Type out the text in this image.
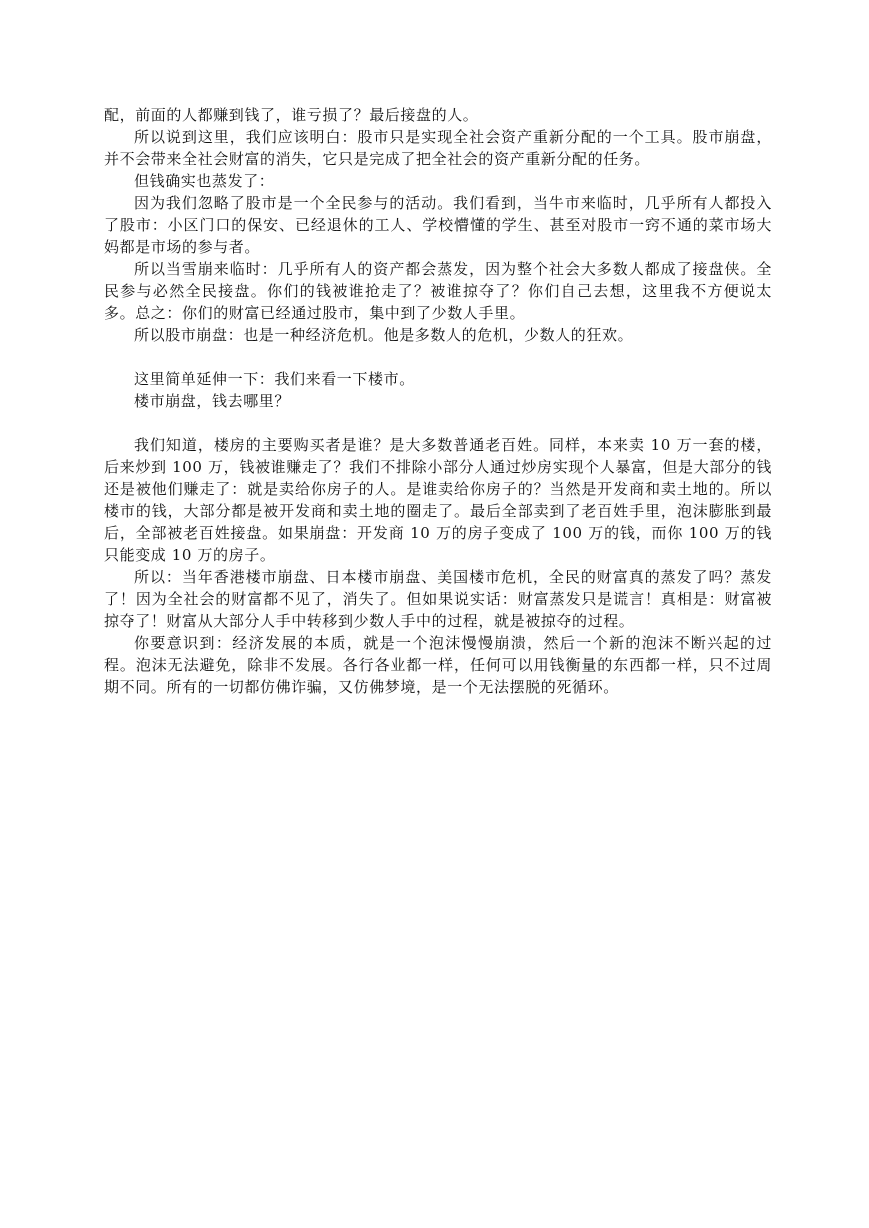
配，前面的人都赚到钱了，谁亏损了？最后接盘的人。

所以说到这里，我们应该明白：股市只是实现全社会资产重新分配的一个工具。股市崩盘，并不会带来全社会财富的消失，它只是完成了把全社会的资产重新分配的任务。

但钱确实也蒸发了：

因为我们忽略了股市是一个全民参与的活动。我们看到，当牛市来临时，几乎所有人都投入了股市：小区门口的保安、已经退休的工人、学校懵懂的学生、甚至对股市一窍不通的菜市场大妈都是市场的参与者。

所以当雪崩来临时：几乎所有人的资产都会蒸发，因为整个社会大多数人都成了接盘侠。全民参与必然全民接盘。你们的钱被谁抢走了？被谁掠夺了？你们自己去想，这里我不方便说太多。总之：你们的财富已经通过股市，集中到了少数人手里。

所以股市崩盘：也是一种经济危机。他是多数人的危机，少数人的狂欢。

这里简单延伸一下：我们来看一下楼市。

楼市崩盘，钱去哪里？

我们知道，楼房的主要购买者是谁？是大多数普通老百姓。同样，本来卖 10 万一套的楼，后来炒到 100 万，钱被谁赚走了？我们不排除小部分人通过炒房实现个人暴富，但是大部分的钱还是被他们赚走了：就是卖给你房子的人。是谁卖给你房子的？当然是开发商和卖土地的。所以楼市的钱，大部分都是被开发商和卖土地的圈走了。最后全部卖到了老百姓手里，泡沫膨胀到最后，全部被老百姓接盘。如果崩盘：开发商 10 万的房子变成了 100 万的钱，而你 100 万的钱只能变成 10 万的房子。

所以：当年香港楼市崩盘、日本楼市崩盘、美国楼市危机，全民的财富真的蒸发了吗？蒸发了！因为全社会的财富都不见了，消失了。但如果说实话：财富蒸发只是谎言！真相是：财富被掠夺了！财富从大部分人手中转移到少数人手中的过程，就是被掠夺的过程。

你要意识到：经济发展的本质，就是一个泡沫慢慢崩溃，然后一个新的泡沫不断兴起的过程。泡沫无法避免，除非不发展。各行各业都一样，任何可以用钱衡量的东西都一样，只不过周期不同。所有的一切都仿佛诈骗，又仿佛梦境，是一个无法摆脱的死循环。
